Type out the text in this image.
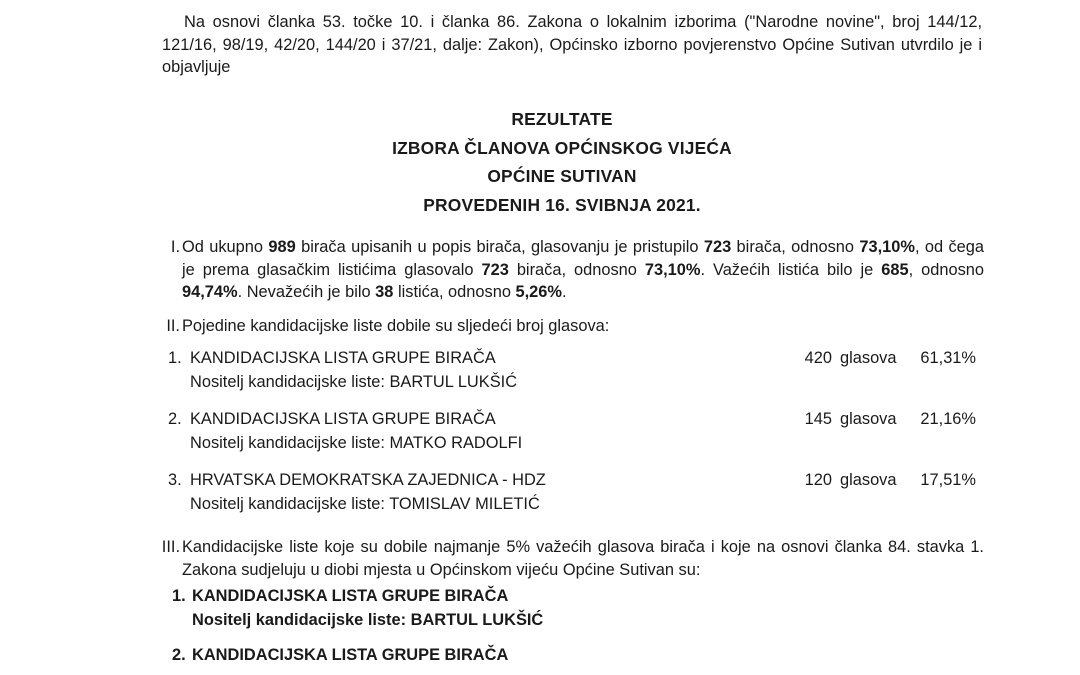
Na osnovi članka 53. točke 10. i članka 86. Zakona o lokalnim izborima ("Narodne novine", broj 144/12, 121/16, 98/19, 42/20, 144/20 i 37/21, dalje: Zakon), Općinsko izborno povjerenstvo Općine Sutivan utvrdilo je i objavljuje
REZULTATE
IZBORA ČLANOVA OPĆINSKOG VIJEĆA
OPĆINE SUTIVAN
PROVEDENIH 16. SVIBNJA 2021.
I. Od ukupno 989 birača upisanih u popis birača, glasovanju je pristupilo 723 birača, odnosno 73,10%, od čega je prema glasačkim listićima glasovalo 723 birača, odnosno 73,10%. Važećih listića bilo je 685, odnosno 94,74%. Nevažećih je bilo 38 listića, odnosno 5,26%.
II. Pojedine kandidacijske liste dobile su sljedeći broj glasova:
1. KANDIDACIJSKA LISTA GRUPE BIRAČA	420 glasova	61,31%
Nositelj kandidacijske liste: BARTUL LUKŠIĆ
2. KANDIDACIJSKA LISTA GRUPE BIRAČA	145 glasova	21,16%
Nositelj kandidacijske liste: MATKO RADOLFI
3. HRVATSKA DEMOKRATSKA ZAJEDNICA - HDZ	120 glasova	17,51%
Nositelj kandidacijske liste: TOMISLAV MILETIĆ
III. Kandidacijske liste koje su dobile najmanje 5% važećih glasova birača i koje na osnovi članka 84. stavka 1. Zakona sudjeluju u diobi mjesta u Općinskom vijeću Općine Sutivan su:
1. KANDIDACIJSKA LISTA GRUPE BIRAČA
Nositelj kandidacijske liste: BARTUL LUKŠIĆ
2. KANDIDACIJSKA LISTA GRUPE BIRAČA
